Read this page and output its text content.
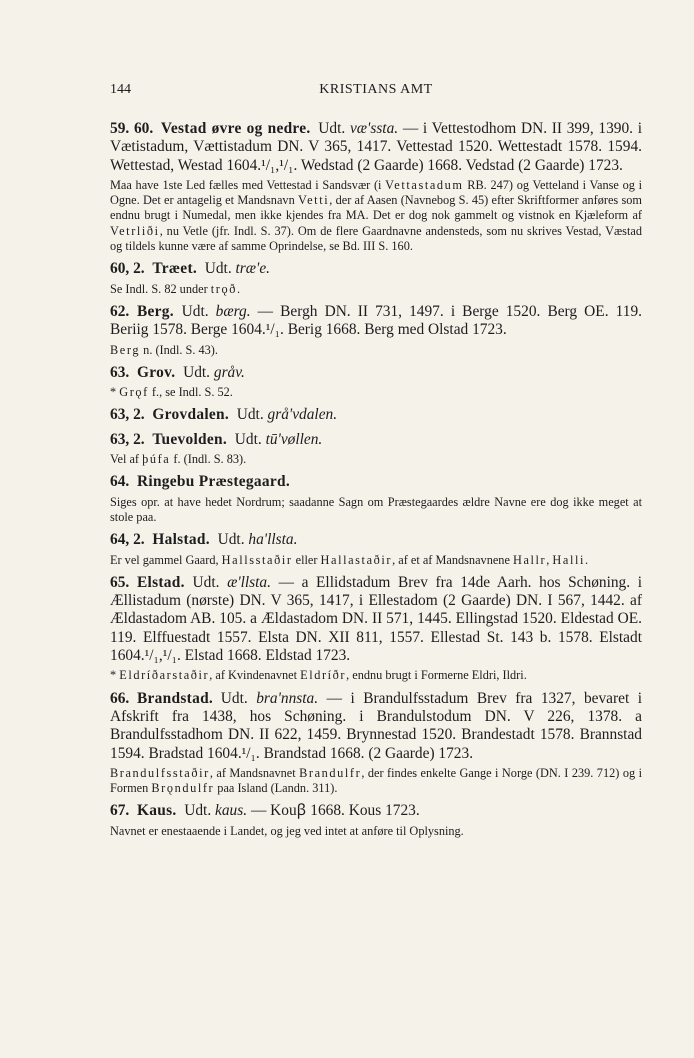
144	KRISTIANS AMT

59. 60.  Vestad øvre og nedre.  Udt. væ'ssta. — i Vettestodhom DN. II 399, 1390. i Vætistadum, Vættistadum DN. V 365, 1417. Vettestad 1520. Wettestadt 1578. 1594. Wettestad, Westad 1604.¹/₁,¹/₁. Wedstad (2 Gaarde) 1668. Vedstad (2 Gaarde) 1723.

Maa have 1ste Led fælles med Vettestad i Sandsvær (i Vettastadum RB. 247) og Vetteland i Vanse og i Ogne. Det er antagelig et Mandsnavn Vetti, der af Aasen (Navnebog S. 45) efter Skriftformer anføres som endnu brugt i Numedal, men ikke kjendes fra MA. Det er dog nok gammelt og vistnok en Kjæleform af Vetrliði, nu Vetle (jfr. Indl. S. 37). Om de flere Gaardnavne andensteds, som nu skrives Vestad, Væstad og tildels kunne være af samme Oprindelse, se Bd. III S. 160.

60, 2.  Træet.  Udt. træ'e.

Se Indl. S. 82 under trǫð.

62.  Berg.  Udt. bærg. — Bergh DN. II 731, 1497. i Berge 1520. Berg OE. 119. Beriig 1578. Berge 1604.¹/₁. Berig 1668. Berg med Olstad 1723.

Berg n. (Indl. S. 43).

63.  Grov.  Udt. gråv.

* Grǫf f., se Indl. S. 52.

63, 2.  Grovdalen.  Udt. grå'vdalen.

63, 2.  Tuevolden.  Udt. tū'vøllen.

Vel af þúfa f. (Indl. S. 83).

64.  Ringebu Præstegaard.

Siges opr. at have hedet Nordrum; saadanne Sagn om Præstegaardes ældre Navne ere dog ikke meget at stole paa.

64, 2.  Halstad.  Udt. ha'llsta.

Er vel gammel Gaard, Hallsstaðir eller Hallastaðir, af et af Mandsnavnene Hallr, Halli.

65.  Elstad.  Udt. æ'llsta. — a Ellidstadum Brev fra 14de Aarh. hos Schøning. i Ællistadum (nørste) DN. V 365, 1417, i Ellestadom (2 Gaarde) DN. I 567, 1442. af Ældastadom AB. 105. a Ældastadom DN. II 571, 1445. Ellingstad 1520. Eldestad OE. 119. Elffuestadt 1557. Elsta DN. XII 811, 1557. Ellestad St. 143 b. 1578. Elstadt 1604.¹/₁,¹/₁. Elstad 1668. Eldstad 1723.

* Eldríðarstaðir, af Kvindenavnet Eldríðr, endnu brugt i Formerne Eldri, Ildri.

66.  Brandstad.  Udt. bra'nnsta. — i Brandulfsstadum Brev fra 1327, bevaret i Afskrift fra 1438, hos Schøning. i Brandulstodum DN. V 226, 1378. a Brandulfsstadhom DN. II 622, 1459. Brynnestad 1520. Brandestadt 1578. Brannstad 1594. Bradstad 1604.¹/₁. Brandstad 1668. (2 Gaarde) 1723.

Brandulfsstaðir, af Mandsnavnet Brandulfr, der findes enkelte Gange i Norge (DN. I 239. 712) og i Formen Brǫndulfr paa Island (Landn. 311).

67.  Kaus.  Udt. kaus. — Kouꞵ 1668. Kous 1723.

Navnet er enestaaende i Landet, og jeg ved intet at anføre til Oplysning.
